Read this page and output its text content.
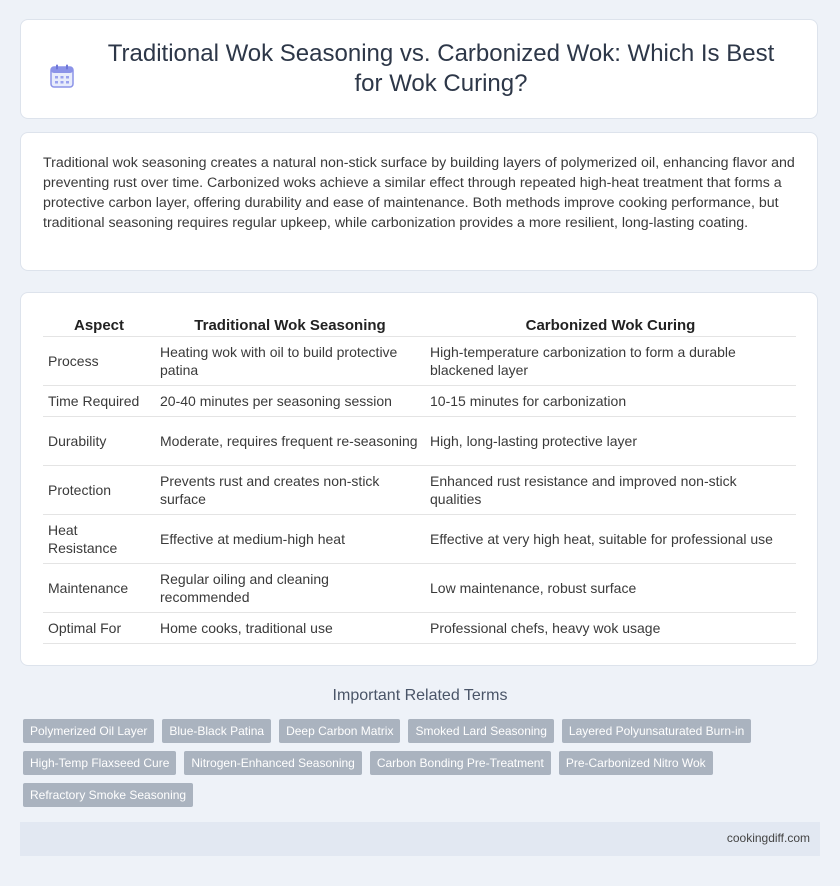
Traditional Wok Seasoning vs. Carbonized Wok: Which Is Best for Wok Curing?

Traditional wok seasoning creates a natural non-stick surface by building layers of polymerized oil, enhancing flavor and preventing rust over time. Carbonized woks achieve a similar effect through repeated high-heat treatment that forms a protective carbon layer, offering durability and ease of maintenance. Both methods improve cooking performance, but traditional seasoning requires regular upkeep, while carbonization provides a more resilient, long-lasting coating.

Aspect	Traditional Wok Seasoning	Carbonized Wok Curing
Process	Heating wok with oil to build protective patina	High-temperature carbonization to form a durable blackened layer
Time Required	20-40 minutes per seasoning session	10-15 minutes for carbonization
Durability	Moderate, requires frequent re-seasoning	High, long-lasting protective layer
Protection	Prevents rust and creates non-stick surface	Enhanced rust resistance and improved non-stick qualities
Heat Resistance	Effective at medium-high heat	Effective at very high heat, suitable for professional use
Maintenance	Regular oiling and cleaning recommended	Low maintenance, robust surface
Optimal For	Home cooks, traditional use	Professional chefs, heavy wok usage
Important Related Terms
Polymerized Oil Layer	Blue-Black Patina	Deep Carbon Matrix	Smoked Lard Seasoning	Layered Polyunsaturated Burn-in
High-Temp Flaxseed Cure	Nitrogen-Enhanced Seasoning	Carbon Bonding Pre-Treatment	Pre-Carbonized Nitro Wok
Refractory Smoke Seasoning
cookingdiff.com
